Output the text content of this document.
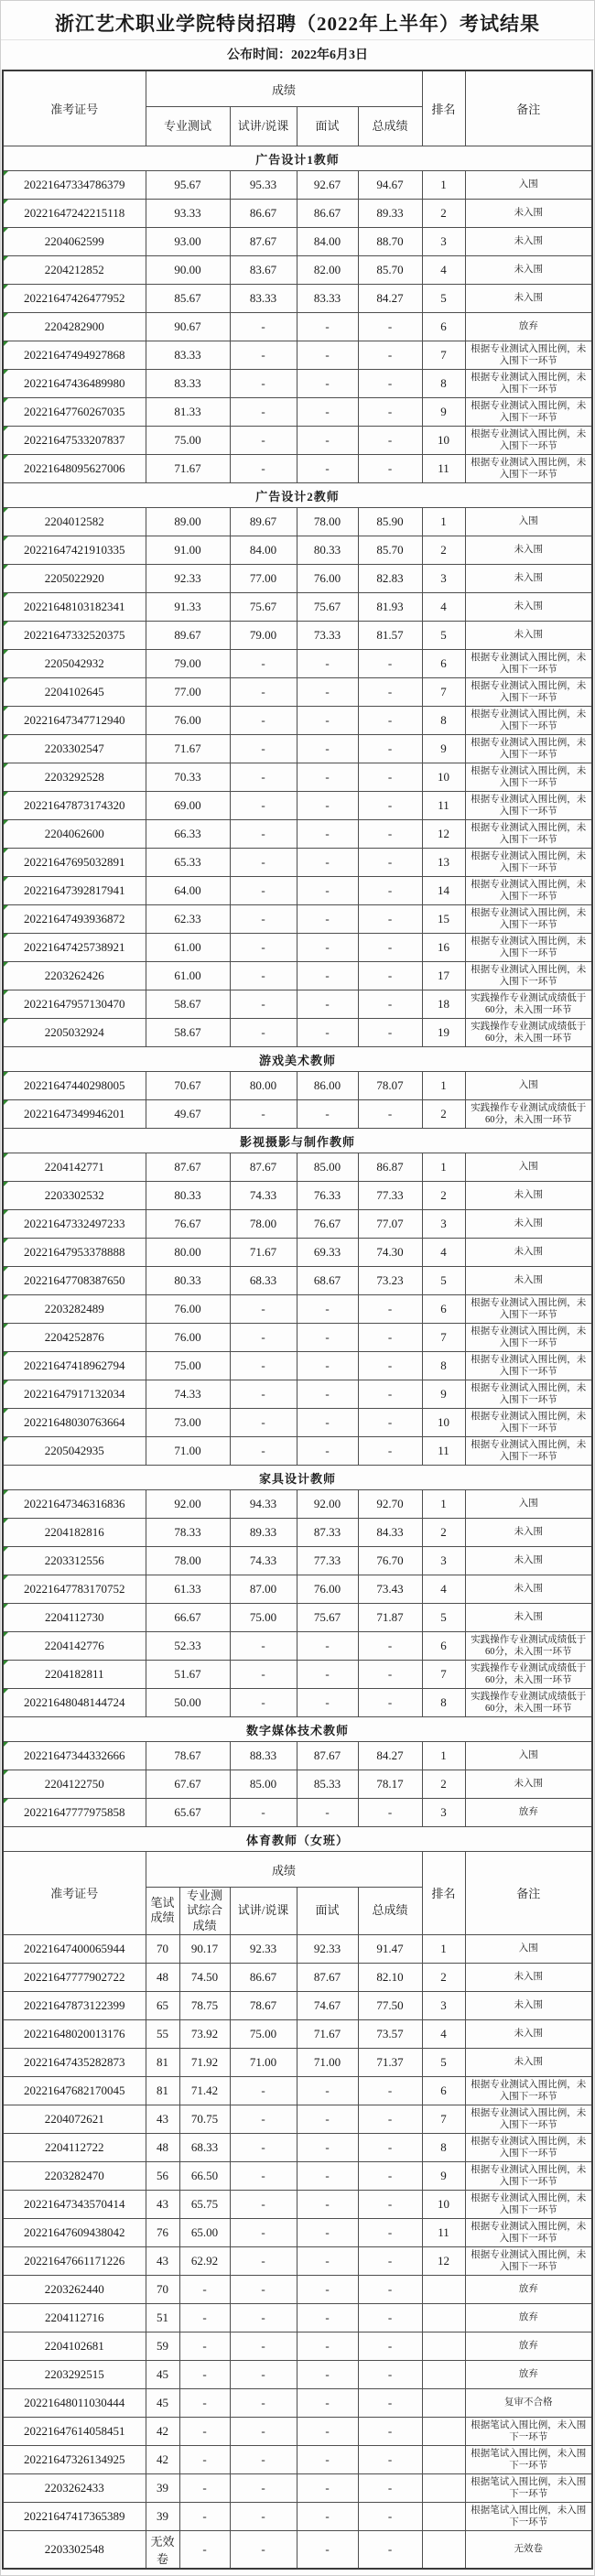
浙江艺术职业学院特岗招聘（2022年上半年）考试结果
公布时间：2022年6月3日
准考证号	成绩					排名	备注
	专业测试		试讲/说课	面试	总成绩		
广告设计1教师							
20221647334786379	95.67		95.33	92.67	94.67	1	入围
20221647242215118	93.33		86.67	86.67	89.33	2	未入围
2204062599	93.00		87.67	84.00	88.70	3	未入围
2204212852	90.00		83.67	82.00	85.70	4	未入围
20221647426477952	85.67		83.33	83.33	84.27	5	未入围
2204282900	90.67		-	-	-	6	放弃
20221647494927868	83.33		-	-	-	7	根据专业测试入围比例，未入围下一环节
20221647436489980	83.33		-	-	-	8	根据专业测试入围比例，未入围下一环节
20221647760267035	81.33		-	-	-	9	根据专业测试入围比例，未入围下一环节
20221647533207837	75.00		-	-	-	10	根据专业测试入围比例，未入围下一环节
20221648095627006	71.67		-	-	-	11	根据专业测试入围比例，未入围下一环节
广告设计2教师							
2204012582	89.00		89.67	78.00	85.90	1	入围
20221647421910335	91.00		84.00	80.33	85.70	2	未入围
2205022920	92.33		77.00	76.00	82.83	3	未入围
20221648103182341	91.33		75.67	75.67	81.93	4	未入围
20221647332520375	89.67		79.00	73.33	81.57	5	未入围
2205042932	79.00		-	-	-	6	根据专业测试入围比例，未入围下一环节
2204102645	77.00		-	-	-	7	根据专业测试入围比例，未入围下一环节
20221647347712940	76.00		-	-	-	8	根据专业测试入围比例，未入围下一环节
2203302547	71.67		-	-	-	9	根据专业测试入围比例，未入围下一环节
2203292528	70.33		-	-	-	10	根据专业测试入围比例，未入围下一环节
20221647873174320	69.00		-	-	-	11	根据专业测试入围比例，未入围下一环节
2204062600	66.33		-	-	-	12	根据专业测试入围比例，未入围下一环节
20221647695032891	65.33		-	-	-	13	根据专业测试入围比例，未入围下一环节
20221647392817941	64.00		-	-	-	14	根据专业测试入围比例，未入围下一环节
20221647493936872	62.33		-	-	-	15	根据专业测试入围比例，未入围下一环节
20221647425738921	61.00		-	-	-	16	根据专业测试入围比例，未入围下一环节
2203262426	61.00		-	-	-	17	根据专业测试入围比例，未入围下一环节
20221647957130470	58.67		-	-	-	18	实践操作专业测试成绩低于60分，未入围一环节
2205032924	58.67		-	-	-	19	实践操作专业测试成绩低于60分，未入围一环节
游戏美术教师							
20221647440298005	70.67		80.00	86.00	78.07	1	入围
20221647349946201	49.67		-	-	-	2	实践操作专业测试成绩低于60分，未入围一环节
影视摄影与制作教师							
2204142771	87.67		87.67	85.00	86.87	1	入围
2203302532	80.33		74.33	76.33	77.33	2	未入围
20221647332497233	76.67		78.00	76.67	77.07	3	未入围
20221647953378888	80.00		71.67	69.33	74.30	4	未入围
20221647708387650	80.33		68.33	68.67	73.23	5	未入围
2203282489	76.00		-	-	-	6	根据专业测试入围比例，未入围下一环节
2204252876	76.00		-	-	-	7	根据专业测试入围比例，未入围下一环节
20221647418962794	75.00		-	-	-	8	根据专业测试入围比例，未入围下一环节
20221647917132034	74.33		-	-	-	9	根据专业测试入围比例，未入围下一环节
20221648030763664	73.00		-	-	-	10	根据专业测试入围比例，未入围下一环节
2205042935	71.00		-	-	-	11	根据专业测试入围比例，未入围下一环节
家具设计教师							
20221647346316836	92.00		94.33	92.00	92.70	1	入围
2204182816	78.33		89.33	87.33	84.33	2	未入围
2203312556	78.00		74.33	77.33	76.70	3	未入围
20221647783170752	61.33		87.00	76.00	73.43	4	未入围
2204112730	66.67		75.00	75.67	71.87	5	未入围
2204142776	52.33		-	-	-	6	实践操作专业测试成绩低于60分，未入围一环节
2204182811	51.67		-	-	-	7	实践操作专业测试成绩低于60分，未入围一环节
20221648048144724	50.00		-	-	-	8	实践操作专业测试成绩低于60分，未入围一环节
数字媒体技术教师							
20221647344332666	78.67		88.33	87.67	84.27	1	入围
2204122750	67.67		85.00	85.33	78.17	2	未入围
20221647777975858	65.67		-	-	-	3	放弃
体育教师（女班）							
准考证号	成绩					排名	备注
	笔试成绩	专业测试综合成绩	试讲/说课	面试	总成绩		
20221647400065944	70	90.17	92.33	92.33	91.47	1	入围
20221647777902722	48	74.50	86.67	87.67	82.10	2	未入围
20221647873122399	65	78.75	78.67	74.67	77.50	3	未入围
20221648020013176	55	73.92	75.00	71.67	73.57	4	未入围
20221647435282873	81	71.92	71.00	71.00	71.37	5	未入围
20221647682170045	81	71.42	-	-	-	6	根据专业测试入围比例，未入围下一环节
2204072621	43	70.75	-	-	-	7	根据专业测试入围比例，未入围下一环节
2204112722	48	68.33	-	-	-	8	根据专业测试入围比例，未入围下一环节
2203282470	56	66.50	-	-	-	9	根据专业测试入围比例，未入围下一环节
20221647343570414	43	65.75	-	-	-	10	根据专业测试入围比例，未入围下一环节
20221647609438042	76	65.00	-	-	-	11	根据专业测试入围比例，未入围下一环节
20221647661171226	43	62.92	-	-	-	12	根据专业测试入围比例，未入围下一环节
2203262440	70	-	-	-	-		放弃
2204112716	51	-	-	-	-		放弃
2204102681	59	-	-	-	-		放弃
2203292515	45	-	-	-	-		放弃
20221648011030444	45	-	-	-	-		复审不合格
20221647614058451	42	-	-	-	-		根据笔试入围比例，未入围下一环节
20221647326134925	42	-	-	-	-		根据笔试入围比例，未入围下一环节
2203262433	39	-	-	-	-		根据笔试入围比例，未入围下一环节
20221647417365389	39	-	-	-	-		根据笔试入围比例，未入围下一环节
2203302548	无效卷	-	-	-	-		无效卷
